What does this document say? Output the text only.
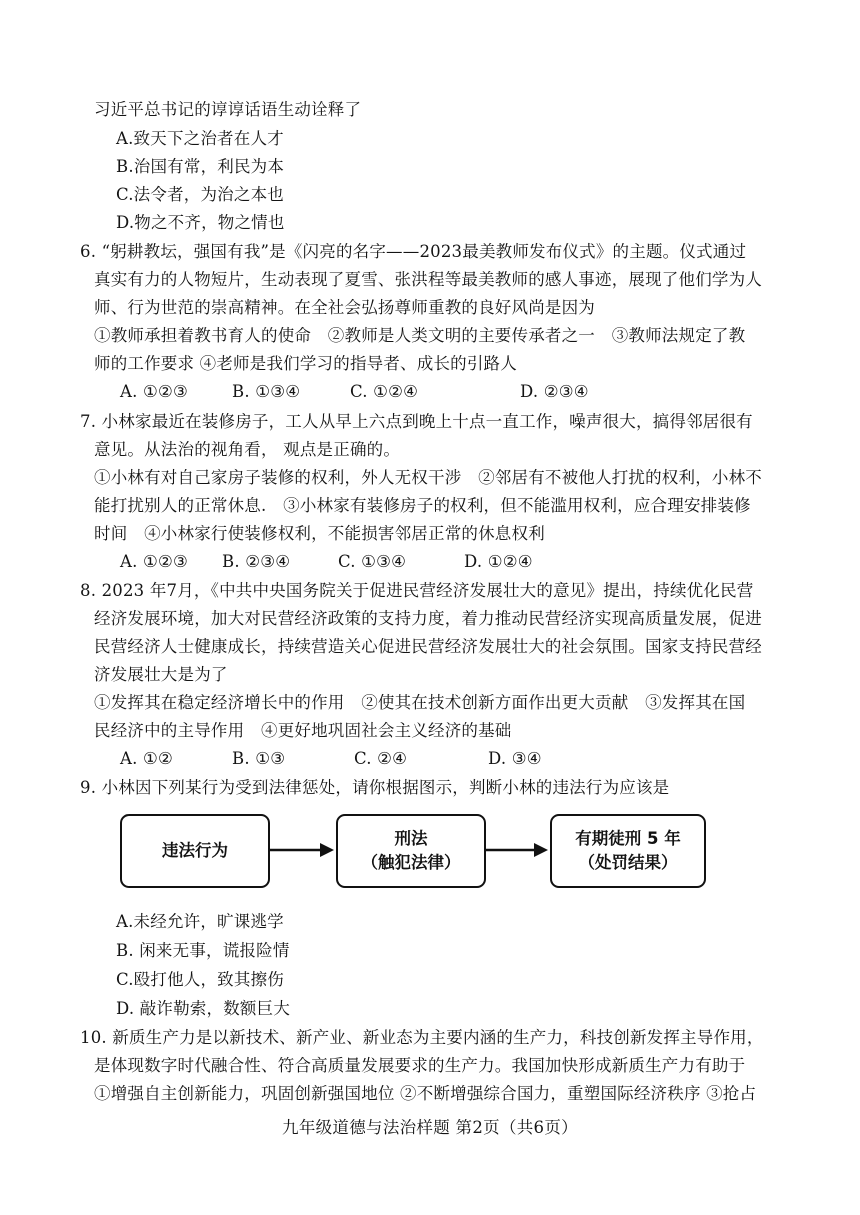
习近平总书记的谆谆话语生动诠释了
A.致天下之治者在人才
B.治国有常，利民为本
C.法令者，为治之本也
D.物之不齐，物之情也
6. “躬耕教坛，强国有我”是《闪亮的名字——2023最美教师发布仪式》的主题。仪式通过
真实有力的人物短片，生动表现了夏雪、张洪程等最美教师的感人事迹，展现了他们学为人
师、行为世范的崇高精神。在全社会弘扬尊师重教的良好风尚是因为
①教师承担着教书育人的使命　②教师是人类文明的主要传承者之一　③教师法规定了教
师的工作要求 ④老师是我们学习的指导者、成长的引路人
A. ①②③	B. ①③④	C. ①②④	D. ②③④
7. 小林家最近在装修房子，工人从早上六点到晚上十点一直工作，噪声很大，搞得邻居很有
意见。从法治的视角看， 观点是正确的。
①小林有对自己家房子装修的权利，外人无权干涉　②邻居有不被他人打扰的权利，小林不
能打扰别人的正常休息.　③小林家有装修房子的权利，但不能滥用权利，应合理安排装修
时间　④小林家行使装修权利，不能损害邻居正常的休息权利
A. ①②③ B. ②③④	C. ①③④	D. ①②④
8. 2023 年7月，《中共中央国务院关于促进民营经济发展壮大的意见》提出，持续优化民营
经济发展环境，加大对民营经济政策的支持力度，着力推动民营经济实现高质量发展，促进
民营经济人士健康成长，持续营造关心促进民营经济发展壮大的社会氛围。国家支持民营经
济发展壮大是为了
①发挥其在稳定经济增长中的作用　②使其在技术创新方面作出更大贡献　③发挥其在国
民经济中的主导作用　④更好地巩固社会主义经济的基础
A. ①②	B. ①③	C. ②④	D. ③④
9. 小林因下列某行为受到法律惩处，请你根据图示，判断小林的违法行为应该是
违法行为
刑法
（触犯法律）
有期徒刑 5 年
（处罚结果）
A.未经允许，旷课逃学
B. 闲来无事，谎报险情
C.殴打他人，致其擦伤
D. 敲诈勒索，数额巨大
10. 新质生产力是以新技术、新产业、新业态为主要内涵的生产力，科技创新发挥主导作用，
是体现数字时代融合性、符合高质量发展要求的生产力。我国加快形成新质生产力有助于
①增强自主创新能力，巩固创新强国地位 ②不断增强综合国力，重塑国际经济秩序 ③抢占
九年级道德与法治样题 第2页（共6页）
